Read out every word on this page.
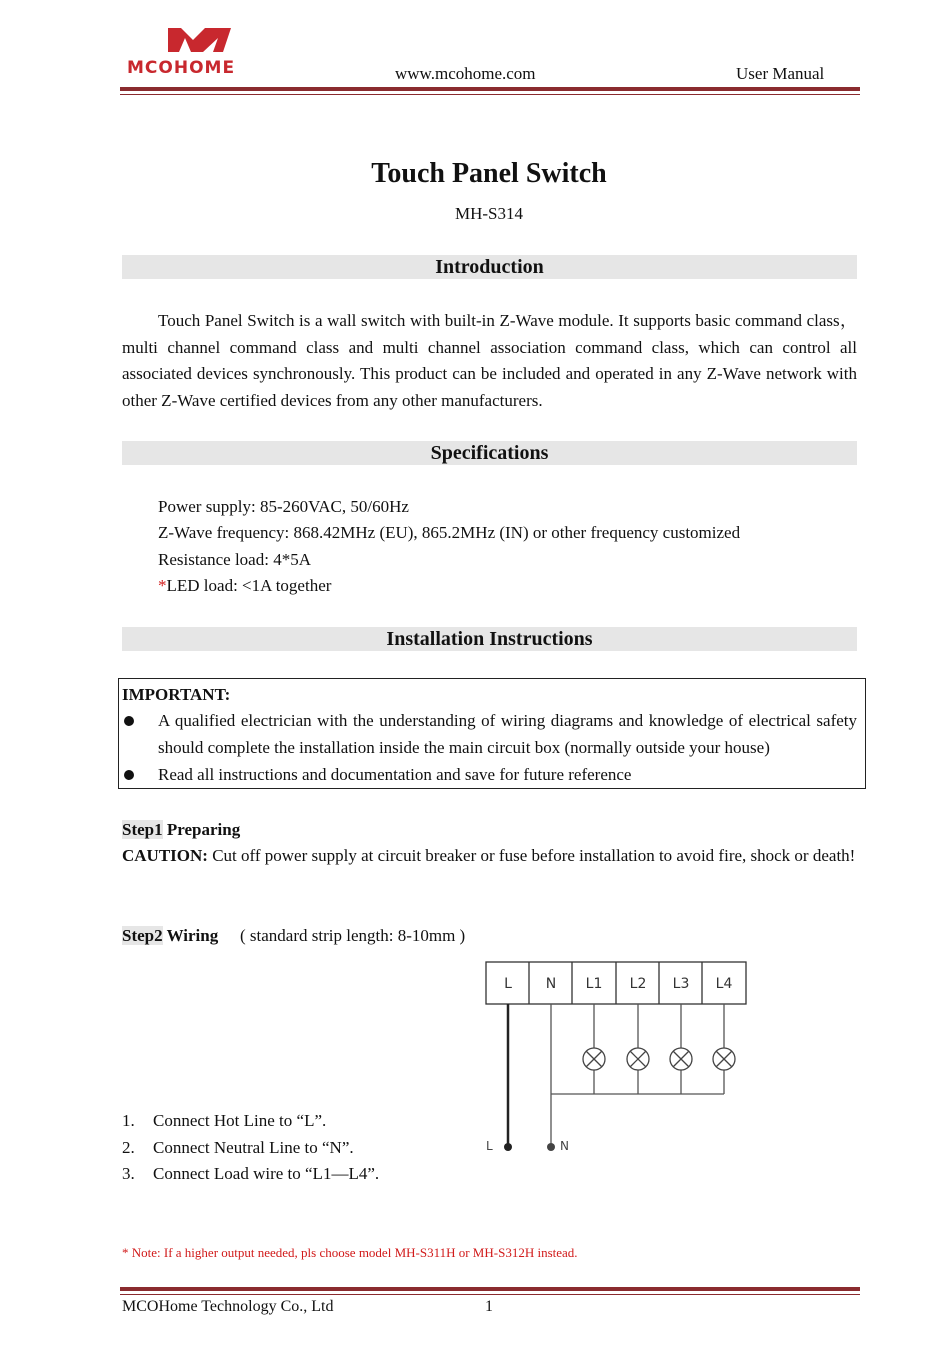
MCOHOME	www.mcohome.com	User Manual
Touch Panel Switch
MH-S314
Introduction
Touch Panel Switch is a wall switch with built-in Z-Wave module. It supports basic command class，multi channel command class and multi channel association command class, which can control all associated devices synchronously. This product can be included and operated in any Z-Wave network with other Z-Wave certified devices from any other manufacturers.
Specifications
Power supply: 85-260VAC, 50/60Hz
Z-Wave frequency: 868.42MHz (EU), 865.2MHz (IN) or other frequency customized
Resistance load: 4*5A
*LED load: <1A together
Installation Instructions
IMPORTANT:
A qualified electrician with the understanding of wiring diagrams and knowledge of electrical safety should complete the installation inside the main circuit box (normally outside your house)
Read all instructions and documentation and save for future reference
Step1 Preparing
CAUTION: Cut off power supply at circuit breaker or fuse before installation to avoid fire, shock or death!
Step2 Wiring ( standard strip length: 8-10mm )
L N L1 L2 L3 L4
L	N
1. Connect Hot Line to “L”.
2. Connect Neutral Line to “N”.
3. Connect Load wire to “L1—L4”.
* Note: If a higher output needed, pls choose model MH-S311H or MH-S312H instead.
MCOHome Technology Co., Ltd	1
